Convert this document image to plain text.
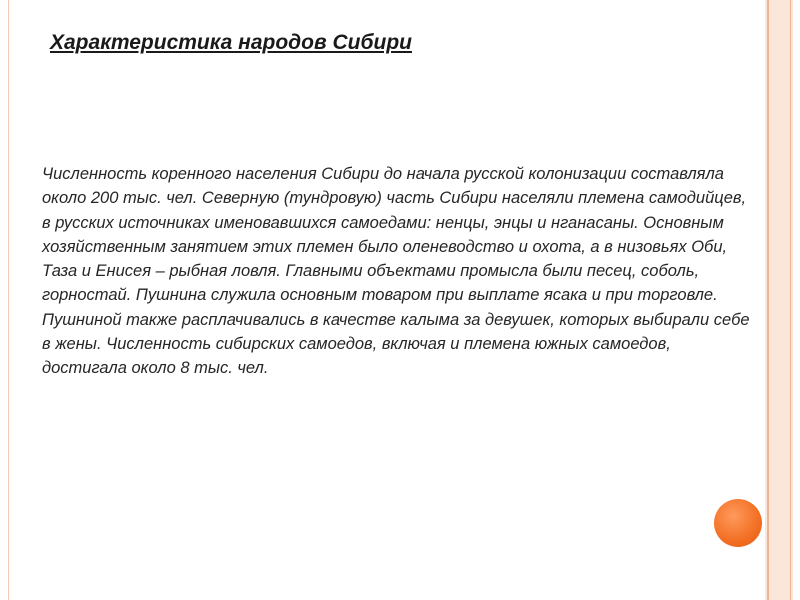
Характеристика народов Сибири

Численность коренного населения Сибири до начала русской колонизации составляла около 200 тыс. чел. Северную (тундровую) часть Сибири населяли племена самодийцев, в русских источниках именовавшихся самоедами: ненцы, энцы и нганасаны. Основным хозяйственным занятием этих племен было оленеводство и охота, а в низовьях Оби, Таза и Енисея – рыбная ловля. Главными объектами промысла были песец, соболь, горностай. Пушнина служила основным товаром при выплате ясака и при торговле. Пушниной также расплачивались в качестве калыма за девушек, которых выбирали себе в жены. Численность сибирских самоедов, включая и племена южных самоедов, достигала около 8 тыс. чел.
